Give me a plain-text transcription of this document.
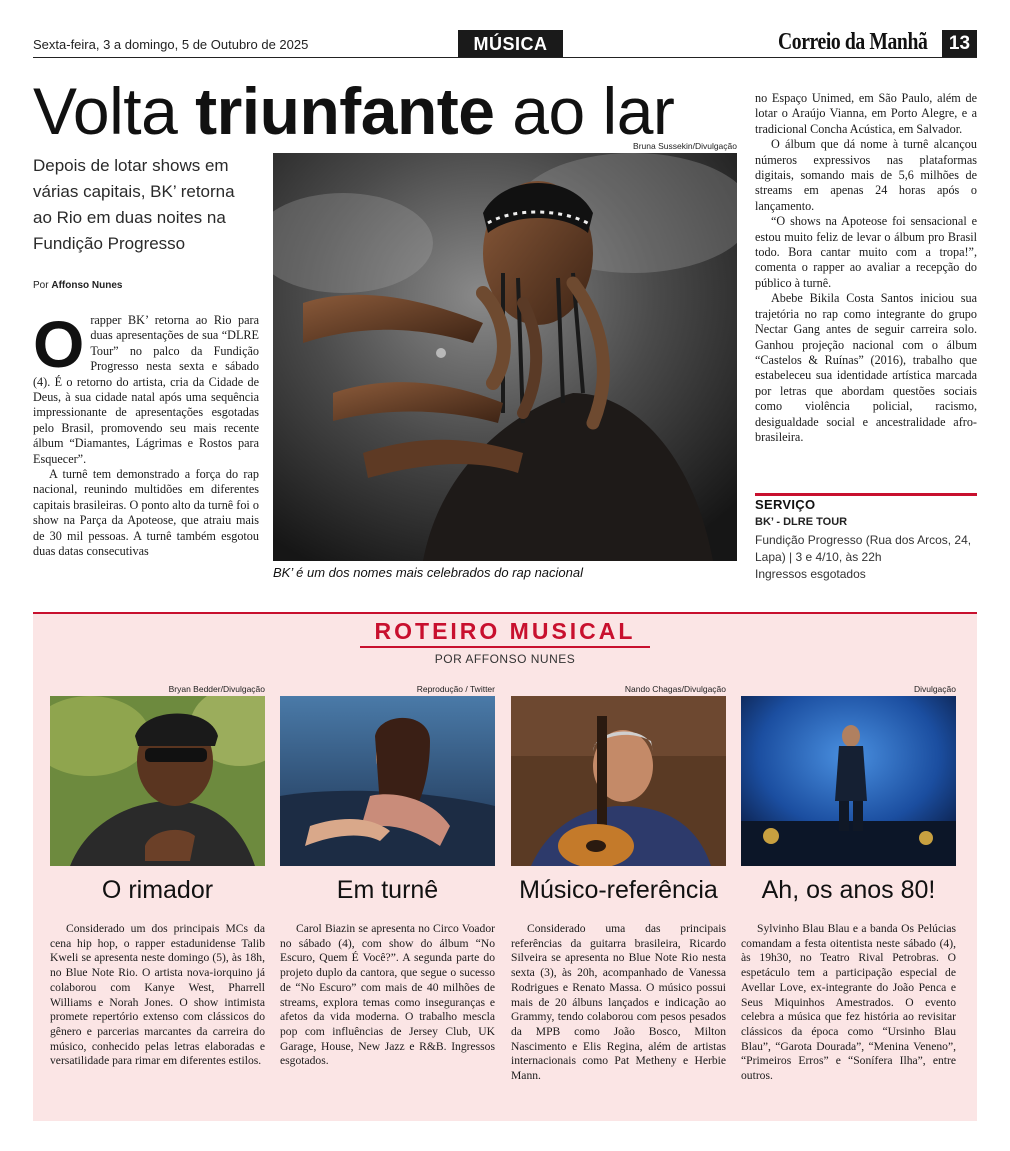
Sexta-feira, 3 a domingo, 5 de Outubro de 2025	MÚSICA	Correio da Manhã	13
Volta triunfante ao lar
Depois de lotar shows em várias capitais, BK’ retorna ao Rio em duas noites na Fundição Progresso
Por Affonso Nunes

Orapper BK’ retorna ao Rio para duas apresentações de sua “DLRE Tour” no palco da Fundição Progresso nesta sexta e sábado (4). É o retorno do artista, cria da Cidade de Deus, à sua cidade natal após uma sequência impressionante de apresentações esgotadas pelo Brasil, promovendo seu mais recente álbum “Diamantes, Lágrimas e Rostos para Esquecer”.

A turnê tem demonstrado a força do rap nacional, reunindo multidões em diferentes capitais brasileiras. O ponto alto da turnê foi o show na Parça da Apoteose, que atraiu mais de 30 mil pessoas. A turnê também esgotou duas datas consecutivas

Bruna Sussekin/Divulgação
BK’ é um dos nomes mais celebrados do rap nacional

no Espaço Unimed, em São Paulo, além de lotar o Araújo Vianna, em Porto Alegre, e a tradicional Concha Acústica, em Salvador.

O álbum que dá nome à turnê alcançou números expressivos nas plataformas digitais, somando mais de 5,6 milhões de streams em apenas 24 horas após o lançamento.

“O shows na Apoteose foi sensacional e estou muito feliz de levar o álbum pro Brasil todo. Bora cantar muito com a tropa!”, comenta o rapper ao avaliar a recepção do público à turnê.

Abebe Bikila Costa Santos iniciou sua trajetória no rap como integrante do grupo Nectar Gang antes de seguir carreira solo. Ganhou projeção nacional com o álbum “Castelos & Ruínas” (2016), trabalho que estabeleceu sua identidade artística marcada por letras que abordam questões sociais como violência policial, racismo, desigualdade social e ancestralidade afro-brasileira.

SERVIÇO
BK’ - DLRE TOUR
Fundição Progresso (Rua dos Arcos, 24, Lapa) | 3 e 4/10, às 22h
Ingressos esgotados
ROTEIRO MUSICAL
POR AFFONSO NUNES
Bryan Bedder/Divulgação
O rimador

Considerado um dos principais MCs da cena hip hop, o rapper estadunidense Talib Kweli se apresenta neste domingo (5), às 18h, no Blue Note Rio. O artista nova-iorquino já colaborou com Kanye West, Pharrell Williams e Norah Jones. O show intimista promete repertório extenso com clássicos do gênero e parcerias marcantes da carreira do músico, conhecido pelas letras elaboradas e versatilidade para rimar em diferentes estilos.

Reprodução / Twitter
Em turnê

Carol Biazin se apresenta no Circo Voador no sábado (4), com show do álbum “No Escuro, Quem É Você?”. A segunda parte do projeto duplo da cantora, que segue o sucesso de “No Escuro” com mais de 40 milhões de streams, explora temas como inseguranças e afetos da vida moderna. O trabalho mescla pop com influências de Jersey Club, UK Garage, House, New Jazz e R&B. Ingressos esgotados.

Nando Chagas/Divulgação
Músico-referência

Considerado uma das principais referências da guitarra brasileira, Ricardo Silveira se apresenta no Blue Note Rio nesta sexta (3), às 20h, acompanhado de Vanessa Rodrigues e Renato Massa. O músico possui mais de 20 álbuns lançados e indicação ao Grammy, tendo colaborou com pesos pesados da MPB como João Bosco, Milton Nascimento e Elis Regina, além de artistas internacionais como Pat Metheny e Herbie Mann.

Divulgação
Ah, os anos 80!

Sylvinho Blau Blau e a banda Os Pelúcias comandam a festa oitentista neste sábado (4), às 19h30, no Teatro Rival Petrobras. O espetáculo tem a participação especial de Avellar Love, ex-integrante do João Penca e Seus Miquinhos Amestrados. O evento celebra a música que fez história ao revisitar clássicos da época como “Ursinho Blau Blau”, “Garota Dourada”, “Menina Veneno”, “Primeiros Erros” e “Sonífera Ilha”, entre outros.
